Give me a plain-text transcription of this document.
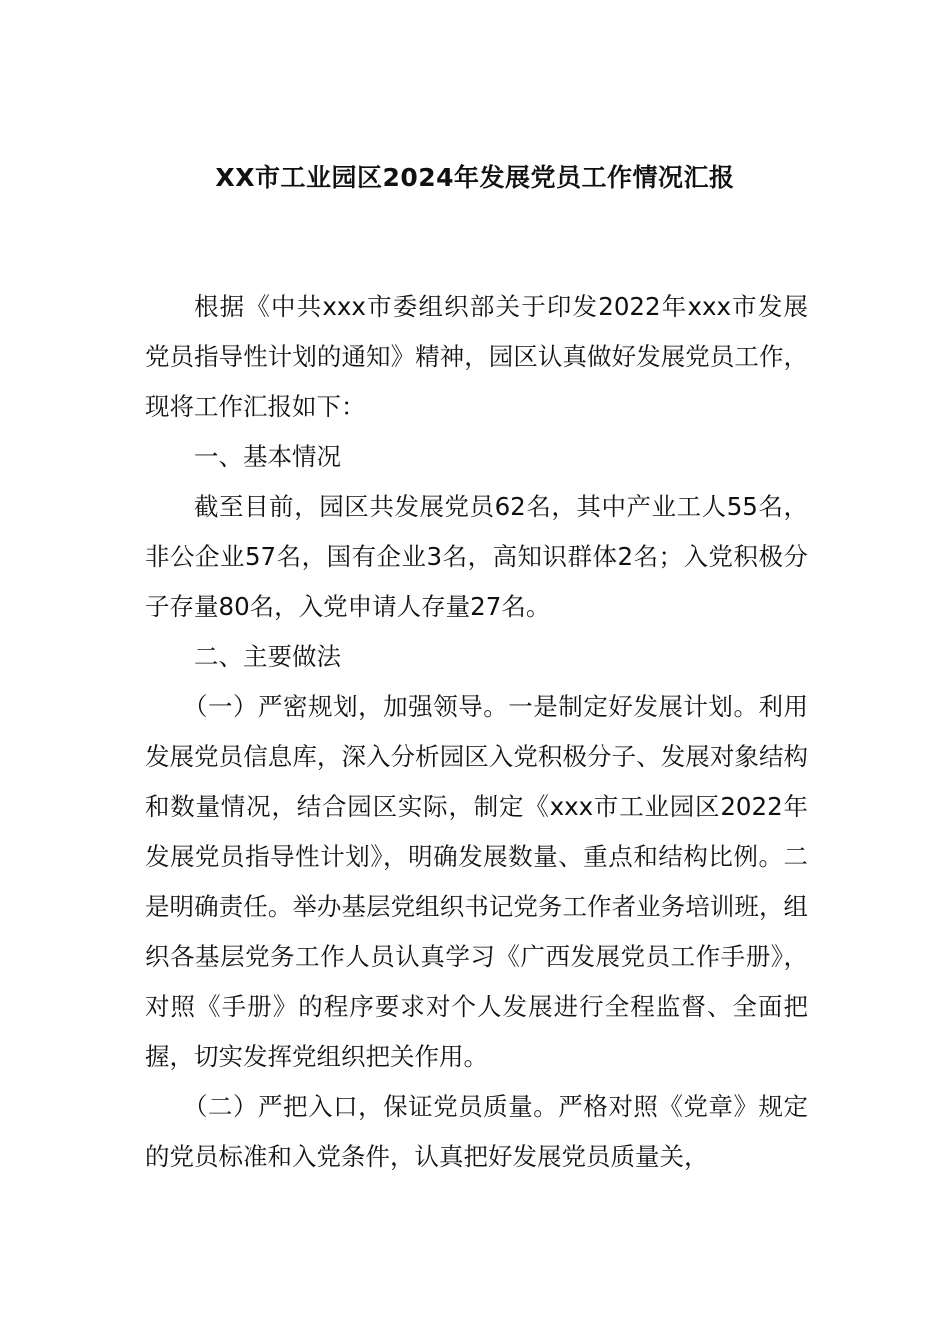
XX市工业园区2024年发展党员工作情况汇报

根据《中共xxx市委组织部关于印发2022年xxx市发展党员指导性计划的通知》精神，园区认真做好发展党员工作，现将工作汇报如下：

一、基本情况

截至目前，园区共发展党员62名，其中产业工人55名，非公企业57名，国有企业3名，高知识群体2名；入党积极分子存量80名，入党申请人存量27名。

二、主要做法

（一）严密规划，加强领导。一是制定好发展计划。利用发展党员信息库，深入分析园区入党积极分子、发展对象结构和数量情况，结合园区实际，制定《xxx市工业园区2022年发展党员指导性计划》，明确发展数量、重点和结构比例。二是明确责任。举办基层党组织书记党务工作者业务培训班，组织各基层党务工作人员认真学习《广西发展党员工作手册》，对照《手册》的程序要求对个人发展进行全程监督、全面把握，切实发挥党组织把关作用。

（二）严把入口，保证党员质量。严格对照《党章》规定的党员标准和入党条件，认真把好发展党员质量关，
